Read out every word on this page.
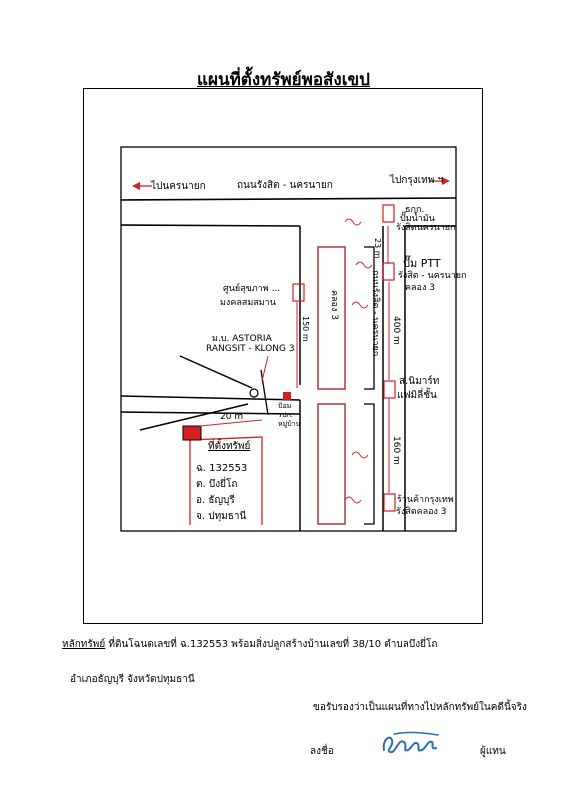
แผนที่ตั้งทรัพย์พอสังเขป
ไปนครนายก	ถนนรังสิต - นครนายก	ไปกรุงเทพ ฯ
ธกก.
ปั๊มน้ำมัน
รังสิตนครนายก
ปั๊ม PTT
รังสิต - นครนายก
คลอง 3
ศูนย์สุขภาพ ...
มงคลสมสมาน
ม.บ. ASTORIA
RANGSIT - KLONG 3
ส.นิมาร์ท
แฟมิลี่ชั้น
ร้านค้ากรุงเทพ
รังสิตคลอง 3
23 m
400 m
160 m
150 m
20 m
คลอง 3	ถนนรังสิต - นครนายก
ป้อม รปภ. หมู่บ้าน
ที่ตั้งทรัพย์
ฉ. 132553
ต. บึงยี่โถ
อ. ธัญบุรี
จ. ปทุมธานี
หลักทรัพย์ ที่ดินโฉนดเลขที่ ฉ.132553 พร้อมสิ่งปลูกสร้างบ้านเลขที่ 38/10 ตำบลบึงยี่โถ
อำเภอธัญบุรี จังหวัดปทุมธานี
ขอรับรองว่าเป็นแผนที่ทางไปหลักทรัพย์ในคดีนี้จริง
ลงชื่อ	ผู้แทน
